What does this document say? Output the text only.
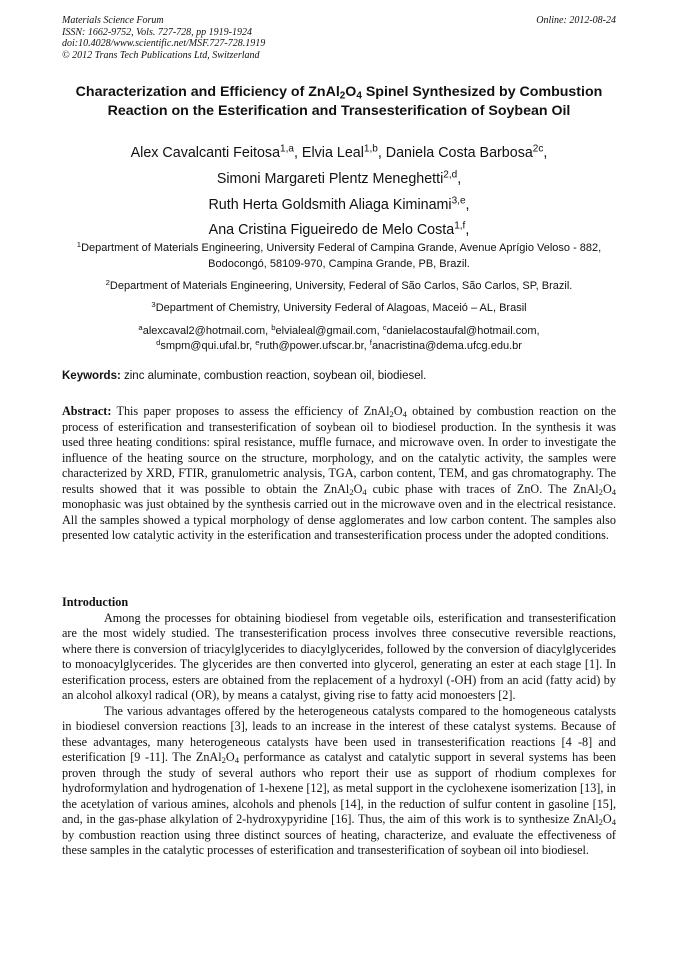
Materials Science Forum
ISSN: 1662-9752, Vols. 727-728, pp 1919-1924
doi:10.4028/www.scientific.net/MSF.727-728.1919
© 2012 Trans Tech Publications Ltd, Switzerland
Online: 2012-08-24
Characterization and Efficiency of $ZnAl_2O_4$ Spinel Synthesized by Combustion Reaction on the Esterification and Transesterification of Soybean Oil
Alex Cavalcanti Feitosa$^{1,a}$, Elvia Leal$^{1,b}$, Daniela Costa Barbosa$^{2c}$,
Simoni Margareti Plentz Meneghetti$^{2,d}$,
Ruth Herta Goldsmith Aliaga Kiminami$^{3,e}$,
Ana Cristina Figueiredo de Melo Costa$^{1,f}$,
$^1$Department of Materials Engineering, University Federal of Campina Grande, Avenue Aprígio Veloso - 882, Bodocongó, 58109-970, Campina Grande, PB, Brazil.
$^2$Department of Materials Engineering, University, Federal of São Carlos, São Carlos, SP, Brazil.
$^3$Department of Chemistry, University Federal of Alagoas, Maceió – AL, Brasil
$^a$alexcaval2@hotmail.com, $^b$elvialeal@gmail.com, $^c$danielacostaufal@hotmail.com,
$^d$smpm@qui.ufal.br, $^e$ruth@power.ufscar.br, $^f$anacristina@dema.ufcg.edu.br
Keywords: zinc aluminate, combustion reaction, soybean oil, biodiesel.
Abstract: This paper proposes to assess the efficiency of $ZnAl_2O_4$ obtained by combustion reaction on the process of esterification and transesterification of soybean oil to biodiesel production. In the synthesis it was used three heating conditions: spiral resistance, muffle furnace, and microwave oven. In order to investigate the influence of the heating source on the structure, morphology, and on the catalytic activity, the samples were characterized by XRD, FTIR, granulometric analysis, TGA, carbon content, TEM, and gas chromatography. The results showed that it was possible to obtain the $ZnAl_2O_4$ cubic phase with traces of ZnO. The $ZnAl_2O_4$ monophasic was just obtained by the synthesis carried out in the microwave oven and in the electrical resistance. All the samples showed a typical morphology of dense agglomerates and low carbon content. The samples also presented low catalytic activity in the esterification and transesterification process under the adopted conditions.
Introduction

Among the processes for obtaining biodiesel from vegetable oils, esterification and transesterification are the most widely studied. The transesterification process involves three consecutive reversible reactions, where there is conversion of triacylglycerides to diacylglycerides, followed by the conversion of diacylglycerides to monoacylglycerides. The glycerides are then converted into glycerol, generating an ester at each stage [1]. In esterification process, esters are obtained from the replacement of a hydroxyl (-OH) from an acid (fatty acid) by an alcohol alkoxyl radical (OR), by means a catalyst, giving rise to fatty acid monoesters [2].

The various advantages offered by the heterogeneous catalysts compared to the homogeneous catalysts in biodiesel conversion reactions [3], leads to an increase in the interest of these catalyst systems. Because of these advantages, many heterogeneous catalysts have been used in transesterification reactions [4 -8] and esterification [9 -11]. The $ZnAl_2O_4$ performance as catalyst and catalytic support in several systems has been proven through the study of several authors who report their use as support of rhodium complexes for hydroformylation and hydrogenation of 1-hexene [12], as metal support in the cyclohexene isomerization [13], in the acetylation of various amines, alcohols and phenols [14], in the reduction of sulfur content in gasoline [15], and, in the gas-phase alkylation of 2-hydroxypyridine [16]. Thus, the aim of this work is to synthesize $ZnAl_2O_4$ by combustion reaction using three distinct sources of heating, characterize, and evaluate the effectiveness of these samples in the catalytic processes of esterification and transesterification of soybean oil into biodiesel.
